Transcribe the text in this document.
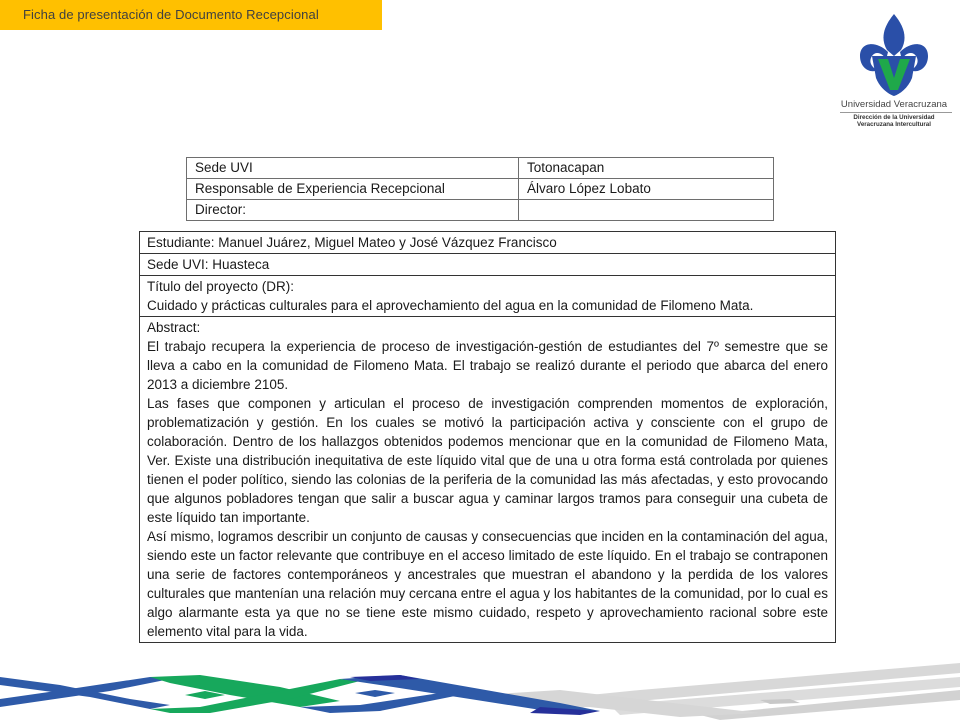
Ficha de presentación de Documento Recepcional
Universidad Veracruzana
Dirección de la Universidad
Veracruzana Intercultural
Sede UVI	Totonacapan
Responsable de Experiencia Recepcional	Álvaro López Lobato
Director:	
Estudiante: Manuel Juárez, Miguel Mateo y José Vázquez Francisco
Sede UVI: Huasteca

Título del proyecto (DR):
Cuidado y prácticas culturales para el aprovechamiento del agua en la comunidad de Filomeno Mata.

Abstract:
El trabajo recupera la experiencia de proceso de investigación-gestión de estudiantes del 7º semestre que se lleva a cabo en la comunidad de Filomeno Mata. El trabajo se realizó durante el periodo que abarca del enero 2013 a diciembre 2105.
Las fases que componen y articulan el proceso de investigación comprenden momentos de exploración, problematización y gestión. En los cuales se motivó la participación activa y consciente con el grupo de colaboración. Dentro de los hallazgos obtenidos podemos mencionar que en la comunidad de Filomeno Mata, Ver. Existe una distribución inequitativa de este líquido vital que de una u otra forma está controlada por quienes tienen el poder político, siendo las colonias de la periferia de la comunidad las más afectadas, y esto provocando que algunos pobladores tengan que salir a buscar agua y caminar largos tramos para conseguir una cubeta de este líquido tan importante.
Así mismo, logramos describir un conjunto de causas y consecuencias que inciden en la contaminación del agua, siendo este un factor relevante que contribuye en el acceso limitado de este líquido. En el trabajo se contraponen una serie de factores contemporáneos y ancestrales que muestran el abandono y la perdida de los valores culturales que mantenían una relación muy cercana entre el agua y los habitantes de la comunidad, por lo cual es algo alarmante esta ya que no se tiene este mismo cuidado, respeto y aprovechamiento racional sobre este elemento vital para la vida.
